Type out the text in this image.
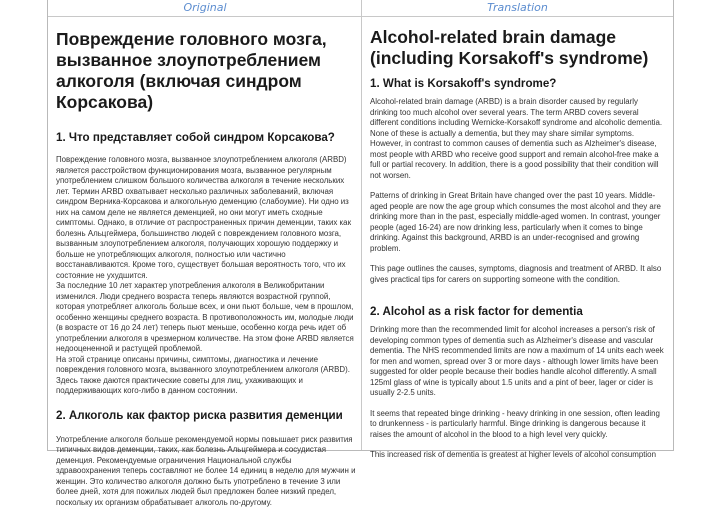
Original	Translation
Повреждение головного мозга, вызванное злоупотреблением алкоголя (включая синдром Корсакова)
1. Что представляет собой синдром Корсакова?

Повреждение головного мозга, вызванное злоупотреблением алкоголя (ARBD) является расстройством функционирования мозга, вызванное регулярным употреблением слишком большого количества алкоголя в течение нескольких лет. Термин ARBD охватывает несколько различных заболеваний, включая синдром Верника-Корсакова и алкогольную деменцию (слабоумие). Ни одно из них на самом деле не является деменцией, но они могут иметь сходные симптомы. Однако, в отличие от распространенных причин деменции, таких как болезнь Альцгеймера, большинство людей с повреждением головного мозга, вызванным злоупотреблением алкоголя, получающих хорошую поддержку и больше не употребляющих алкоголя, полностью или частично восстанавливаются. Кроме того, существует большая вероятность того, что их состояние не ухудшится.

За последние 10 лет характер употребления алкоголя в Великобритании изменился. Люди среднего возраста теперь являются возрастной группой, которая употребляет алкоголь больше всех, и они пьют больше, чем в прошлом, особенно женщины среднего возраста. В противоположность им, молодые люди (в возрасте от 16 до 24 лет) теперь пьют меньше, особенно когда речь идет об употреблении алкоголя в чрезмерном количестве. На этом фоне ARBD является недооцененной и растущей проблемой.

На этой странице описаны причины, симптомы, диагностика и лечение повреждения головного мозга, вызванного злоупотреблением алкоголя (ARBD). Здесь также даются практические советы для лиц, ухаживающих и поддерживающих кого-либо в данном состоянии.

2. Алкоголь как фактор риска развития деменции

Употребление алкоголя больше рекомендуемой нормы повышает риск развития типичных видов деменции, таких, как болезнь Альцгеймера и сосудистая деменция. Рекомендуемые ограничения Национальной службы здравоохранения теперь составляют не более 14 единиц в неделю для мужчин и женщин. Это количество алкоголя должно быть употреблено в течение 3 или более дней, хотя для пожилых людей был предложен более низкий предел, поскольку их организм обрабатывает алкоголь по-другому.

Alcohol-related brain damage (including Korsakoff's syndrome)
1. What is Korsakoff's syndrome?

Alcohol-related brain damage (ARBD) is a brain disorder caused by regularly drinking too much alcohol over several years. The term ARBD covers several different conditions including Wernicke-Korsakoff syndrome and alcoholic dementia. None of these is actually a dementia, but they may share similar symptoms. However, in contrast to common causes of dementia such as Alzheimer's disease, most people with ARBD who receive good support and remain alcohol-free make a full or partial recovery. In addition, there is a good possibility that their condition will not worsen.

Patterns of drinking in Great Britain have changed over the past 10 years. Middle-aged people are now the age group which consumes the most alcohol and they are drinking more than in the past, especially middle-aged women. In contrast, younger people (aged 16-24) are now drinking less, particularly when it comes to binge drinking. Against this background, ARBD is an under-recognised and growing problem.

This page outlines the causes, symptoms, diagnosis and treatment of ARBD. It also gives practical tips for carers on supporting someone with the condition.

2. Alcohol as a risk factor for dementia

Drinking more than the recommended limit for alcohol increases a person's risk of developing common types of dementia such as Alzheimer's disease and vascular dementia. The NHS recommended limits are now a maximum of 14 units each week for men and women, spread over 3 or more days - although lower limits have been suggested for older people because their bodies handle alcohol differently. A small 125ml glass of wine is typically about 1.5 units and a pint of beer, lager or cider is usually 2-2.5 units.

It seems that repeated binge drinking - heavy drinking in one session, often leading to drunkenness - is particularly harmful. Binge drinking is dangerous because it raises the amount of alcohol in the blood to a high level very quickly.

This increased risk of dementia is greatest at higher levels of alcohol consumption
